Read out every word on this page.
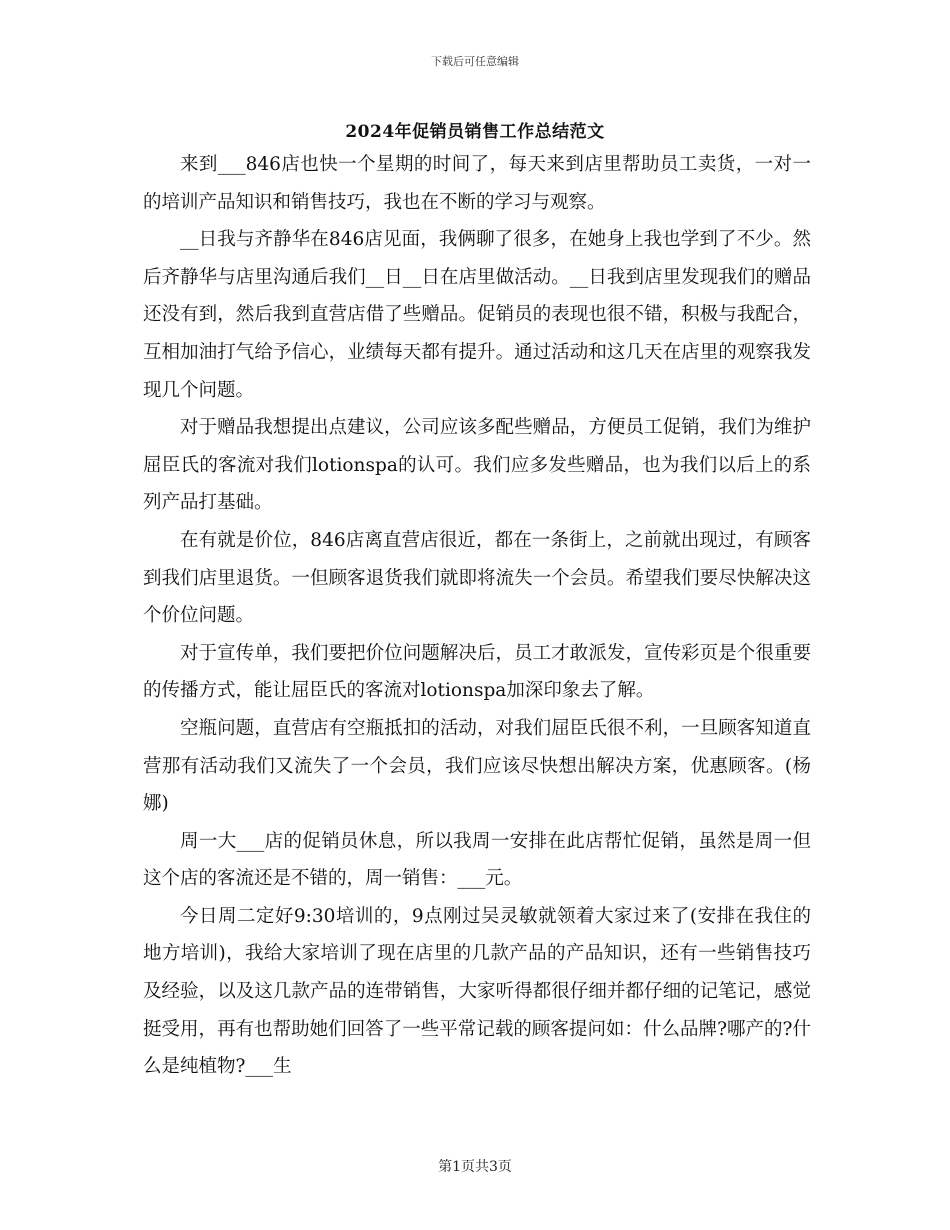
下载后可任意编辑
2024年促销员销售工作总结范文

来到___846店也快一个星期的时间了，每天来到店里帮助员工卖货，一对一的培训产品知识和销售技巧，我也在不断的学习与观察。

__日我与齐静华在846店见面，我俩聊了很多，在她身上我也学到了不少。然后齐静华与店里沟通后我们__日__日在店里做活动。__日我到店里发现我们的赠品还没有到，然后我到直营店借了些赠品。促销员的表现也很不错，积极与我配合，互相加油打气给予信心，业绩每天都有提升。通过活动和这几天在店里的观察我发现几个问题。

对于赠品我想提出点建议，公司应该多配些赠品，方便员工促销，我们为维护屈臣氏的客流对我们lotionspa的认可。我们应多发些赠品，也为我们以后上的系列产品打基础。

在有就是价位，846店离直营店很近，都在一条街上，之前就出现过，有顾客到我们店里退货。一但顾客退货我们就即将流失一个会员。希望我们要尽快解决这个价位问题。

对于宣传单，我们要把价位问题解决后，员工才敢派发，宣传彩页是个很重要的传播方式，能让屈臣氏的客流对lotionspa加深印象去了解。

空瓶问题，直营店有空瓶抵扣的活动，对我们屈臣氏很不利，一旦顾客知道直营那有活动我们又流失了一个会员，我们应该尽快想出解决方案，优惠顾客。(杨娜)

周一大___店的促销员休息，所以我周一安排在此店帮忙促销，虽然是周一但这个店的客流还是不错的，周一销售：___元。

今日周二定好9:30培训的，9点刚过吴灵敏就领着大家过来了(安排在我住的地方培训)，我给大家培训了现在店里的几款产品的产品知识，还有一些销售技巧及经验，以及这几款产品的连带销售，大家听得都很仔细并都仔细的记笔记，感觉挺受用，再有也帮助她们回答了一些平常记载的顾客提问如：什么品牌?哪产的?什么是纯植物?___生

第1页共3页
